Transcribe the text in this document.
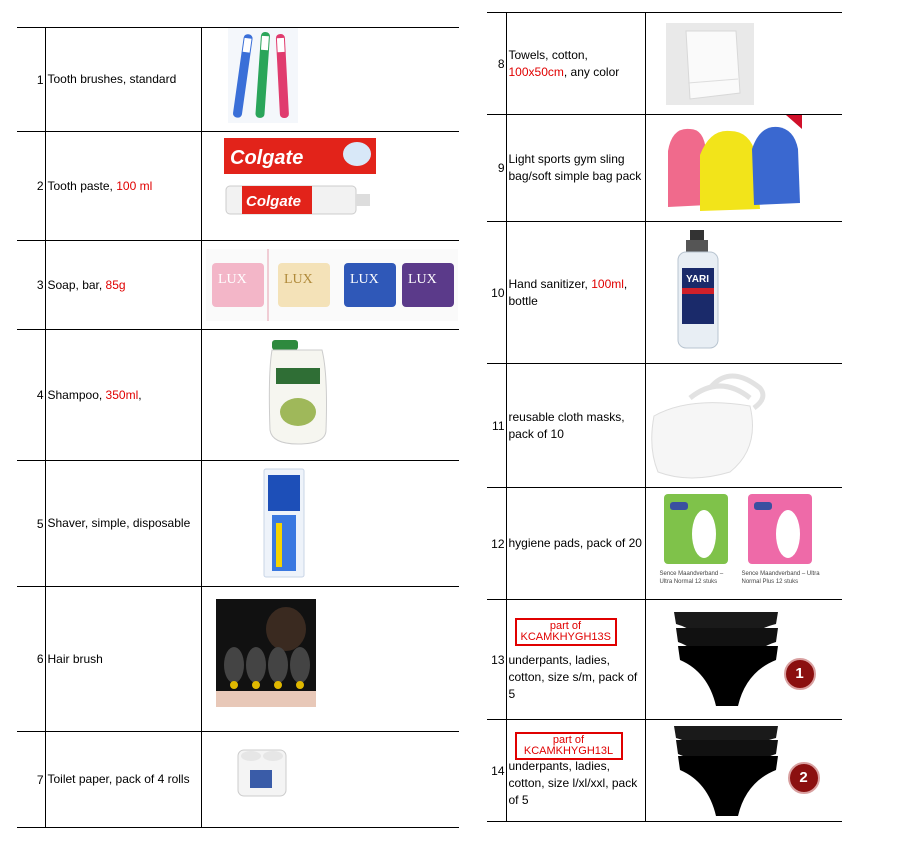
1	Tooth brushes, standard	

2	Tooth paste, 100 ml	Colgate
Colgate

3	Soap, bar, 85g	LUX LUX LUX LUX

4	Shampoo, 350ml,	

5	Shaver, simple, disposable	

6	Hair brush	

7	Toilet paper, pack of 4 rolls	
8	Towels, cotton, 100x50cm, any color	

9	Light sports gym sling bag/soft simple bag pack	

10	Hand sanitizer, 100ml, bottle	YARI

11	reusable cloth masks, pack of 10	

12	hygiene pads, pack of 20	Sence Maandverband – Ultra Normal 12 stuks
Sence Maandverband – Ultra Normal Plus 12 stuks

13	part of KCAMKHYGH13S
underpants, ladies, cotton, size s/m, pack of 5	1

14	part of KCAMKHYGH13L
underpants, ladies, cotton, size l/xl/xxl, pack of 5	2
